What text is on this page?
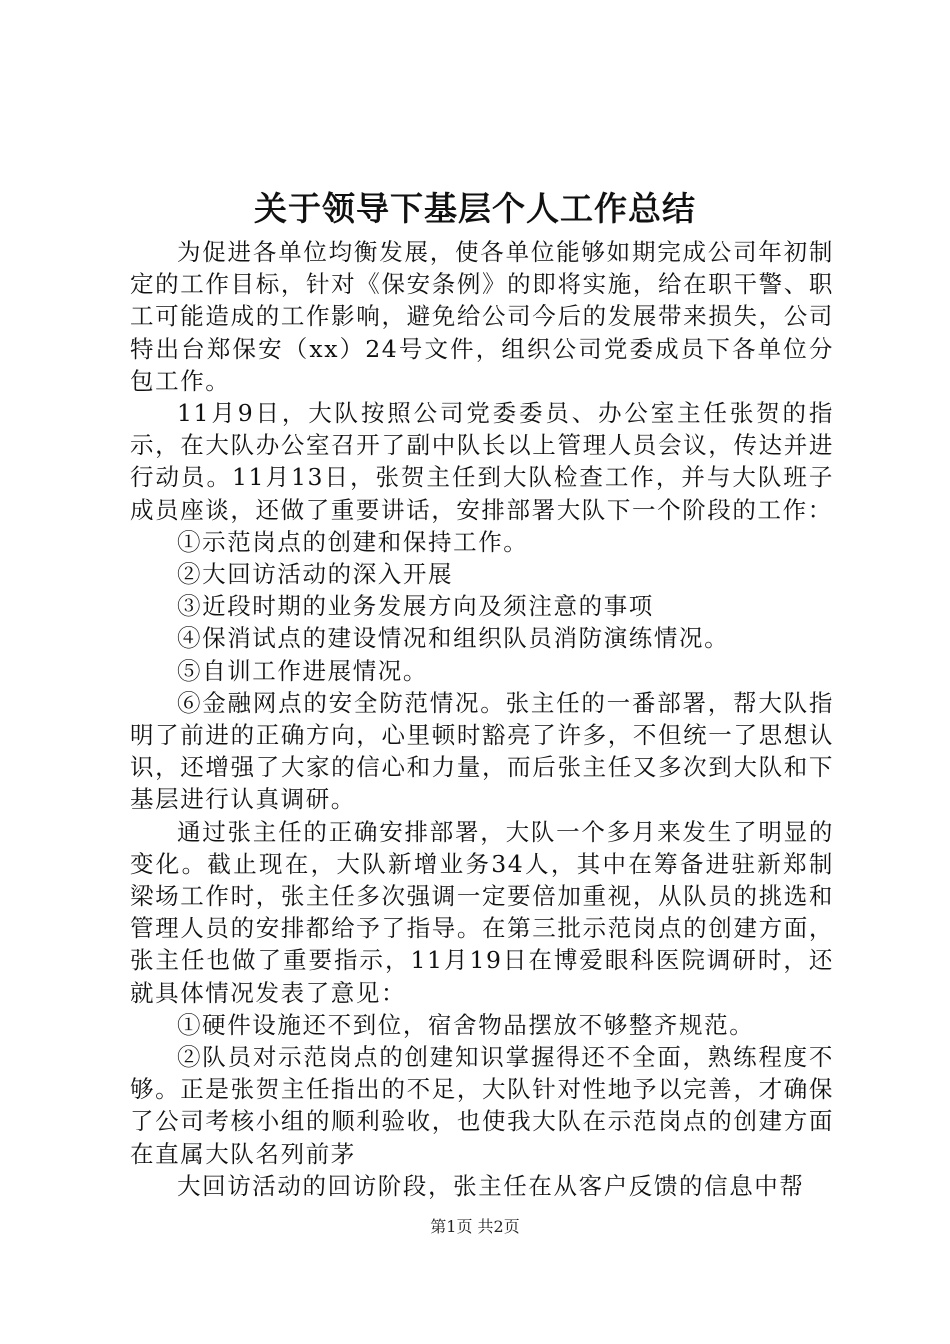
关于领导下基层个人工作总结

为促进各单位均衡发展，使各单位能够如期完成公司年初制定的工作目标，针对《保安条例》的即将实施，给在职干警、职工可能造成的工作影响，避免给公司今后的发展带来损失，公司特出台郑保安（xx）24号文件，组织公司党委成员下各单位分包工作。

11月9日，大队按照公司党委委员、办公室主任张贺的指示，在大队办公室召开了副中队长以上管理人员会议，传达并进行动员。11月13日，张贺主任到大队检查工作，并与大队班子成员座谈，还做了重要讲话，安排部署大队下一个阶段的工作：

①示范岗点的创建和保持工作。

②大回访活动的深入开展

③近段时期的业务发展方向及须注意的事项

④保消试点的建设情况和组织队员消防演练情况。

⑤自训工作进展情况。

⑥金融网点的安全防范情况。张主任的一番部署，帮大队指明了前进的正确方向，心里顿时豁亮了许多，不但统一了思想认识，还增强了大家的信心和力量，而后张主任又多次到大队和下基层进行认真调研。

通过张主任的正确安排部署，大队一个多月来发生了明显的变化。截止现在，大队新增业务34人，其中在筹备进驻新郑制梁场工作时，张主任多次强调一定要倍加重视，从队员的挑选和管理人员的安排都给予了指导。在第三批示范岗点的创建方面，张主任也做了重要指示，11月19日在博爱眼科医院调研时，还就具体情况发表了意见：

①硬件设施还不到位，宿舍物品摆放不够整齐规范。

②队员对示范岗点的创建知识掌握得还不全面，熟练程度不够。正是张贺主任指出的不足，大队针对性地予以完善，才确保了公司考核小组的顺利验收，也使我大队在示范岗点的创建方面在直属大队名列前茅

大回访活动的回访阶段，张主任在从客户反馈的信息中帮

第1页 共2页
